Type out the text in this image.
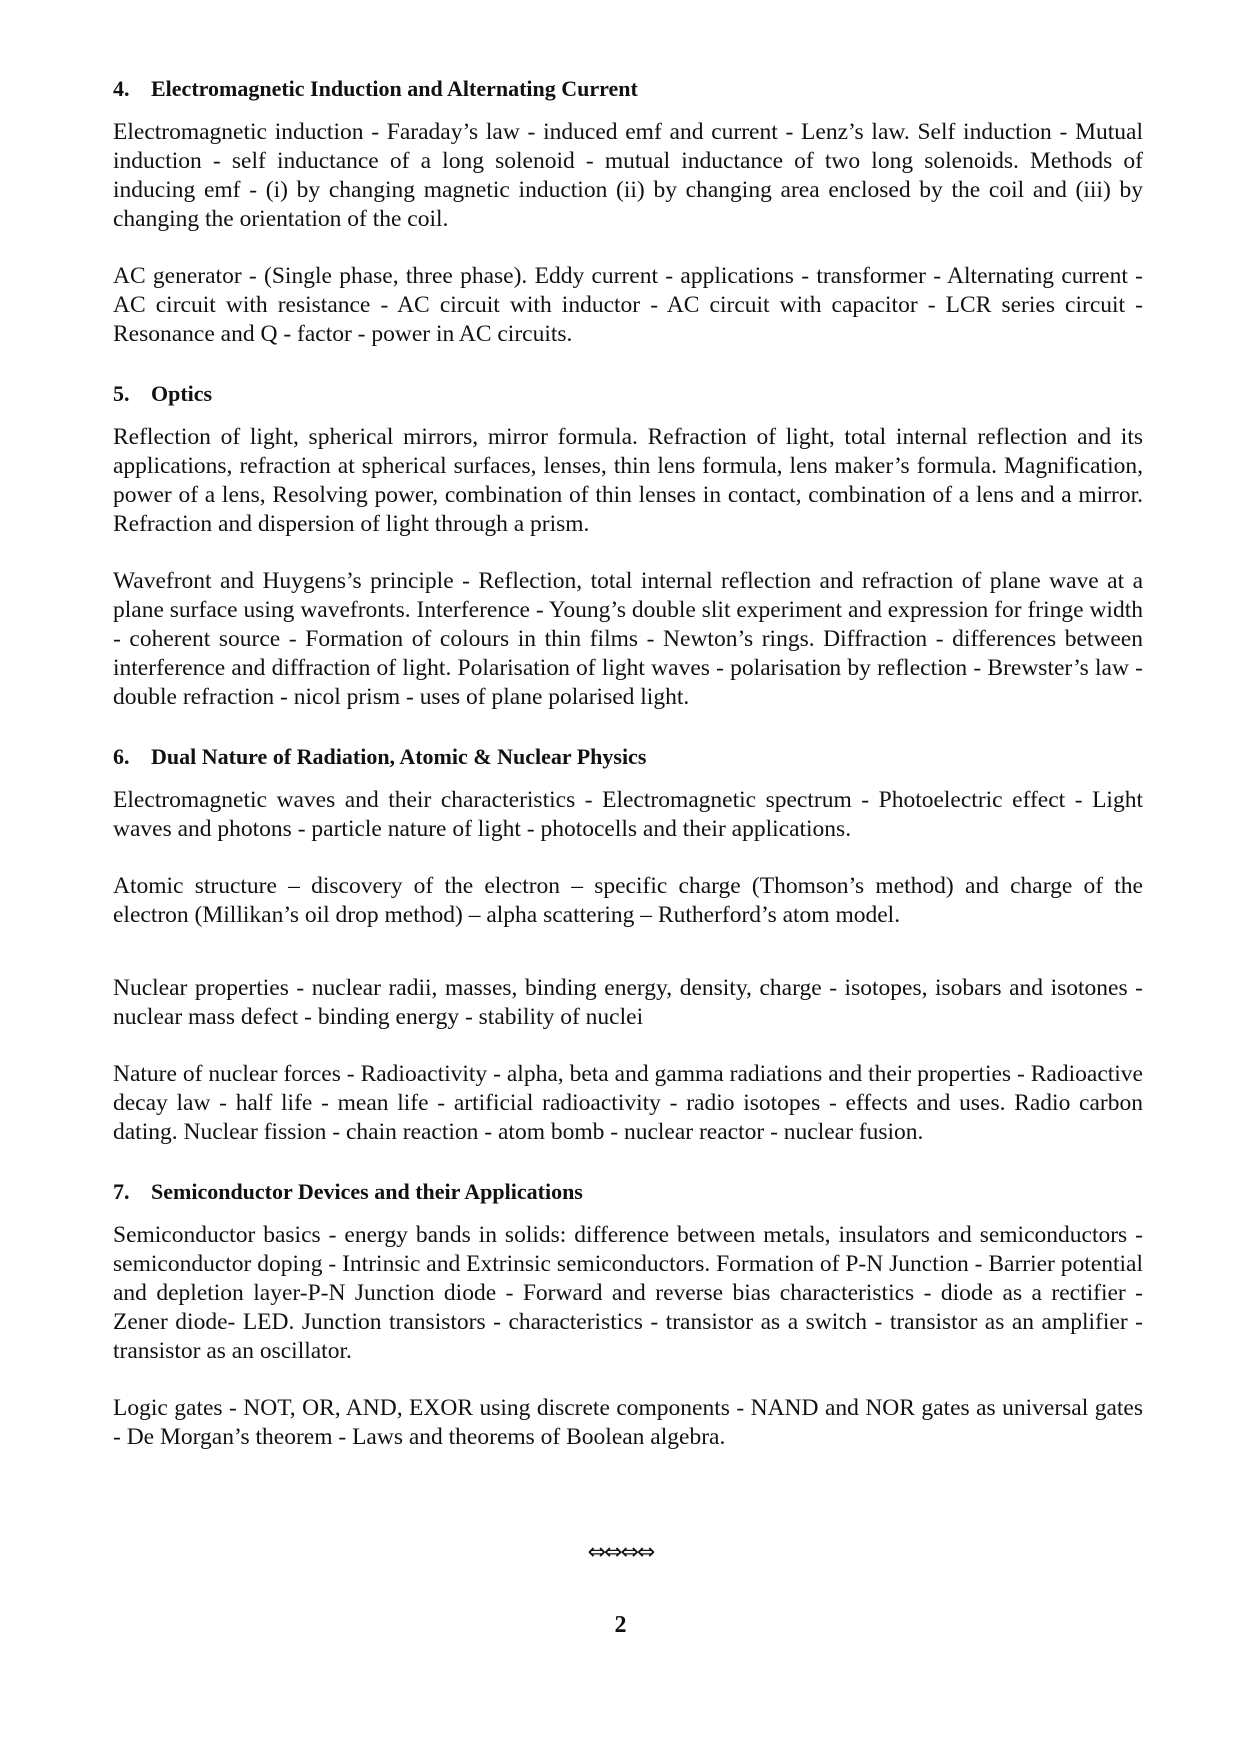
4. Electromagnetic Induction and Alternating Current

Electromagnetic induction - Faraday’s law - induced emf and current - Lenz’s law. Self induction - Mutual induction - self inductance of a long solenoid - mutual inductance of two long solenoids. Methods of inducing emf - (i) by changing magnetic induction (ii) by changing area enclosed by the coil and (iii) by changing the orientation of the coil.

AC generator - (Single phase, three phase). Eddy current - applications - transformer - Alternating current - AC circuit with resistance - AC circuit with inductor - AC circuit with capacitor - LCR series circuit - Resonance and Q - factor - power in AC circuits.

5. Optics

Reflection of light, spherical mirrors, mirror formula. Refraction of light, total internal reflection and its applications, refraction at spherical surfaces, lenses, thin lens formula, lens maker’s formula. Magnification, power of a lens, Resolving power, combination of thin lenses in contact, combination of a lens and a mirror. Refraction and dispersion of light through a prism.

Wavefront and Huygens’s principle - Reflection, total internal reflection and refraction of plane wave at a plane surface using wavefronts. Interference - Young’s double slit experiment and expression for fringe width - coherent source - Formation of colours in thin films - Newton’s rings. Diffraction - differences between interference and diffraction of light. Polarisation of light waves - polarisation by reflection - Brewster’s law - double refraction - nicol prism - uses of plane polarised light.

6. Dual Nature of Radiation, Atomic & Nuclear Physics

Electromagnetic waves and their characteristics - Electromagnetic spectrum - Photoelectric effect - Light waves and photons - particle nature of light - photocells and their applications.

Atomic structure – discovery of the electron – specific charge (Thomson’s method) and charge of the electron (Millikan’s oil drop method) – alpha scattering – Rutherford’s atom model.

Nuclear properties - nuclear radii, masses, binding energy, density, charge - isotopes, isobars and isotones - nuclear mass defect - binding energy - stability of nuclei

Nature of nuclear forces - Radioactivity - alpha, beta and gamma radiations and their properties - Radioactive decay law - half life - mean life - artificial radioactivity - radio isotopes - effects and uses. Radio carbon dating. Nuclear fission - chain reaction - atom bomb - nuclear reactor - nuclear fusion.

7. Semiconductor Devices and their Applications

Semiconductor basics - energy bands in solids: difference between metals, insulators and semiconductors - semiconductor doping - Intrinsic and Extrinsic semiconductors. Formation of P-N Junction - Barrier potential and depletion layer-P-N Junction diode - Forward and reverse bias characteristics - diode as a rectifier - Zener diode- LED. Junction transistors - characteristics - transistor as a switch - transistor as an amplifier - transistor as an oscillator.

Logic gates - NOT, OR, AND, EXOR using discrete components - NAND and NOR gates as universal gates - De Morgan’s theorem - Laws and theorems of Boolean algebra.

⇔⇔⇔⇔
2
